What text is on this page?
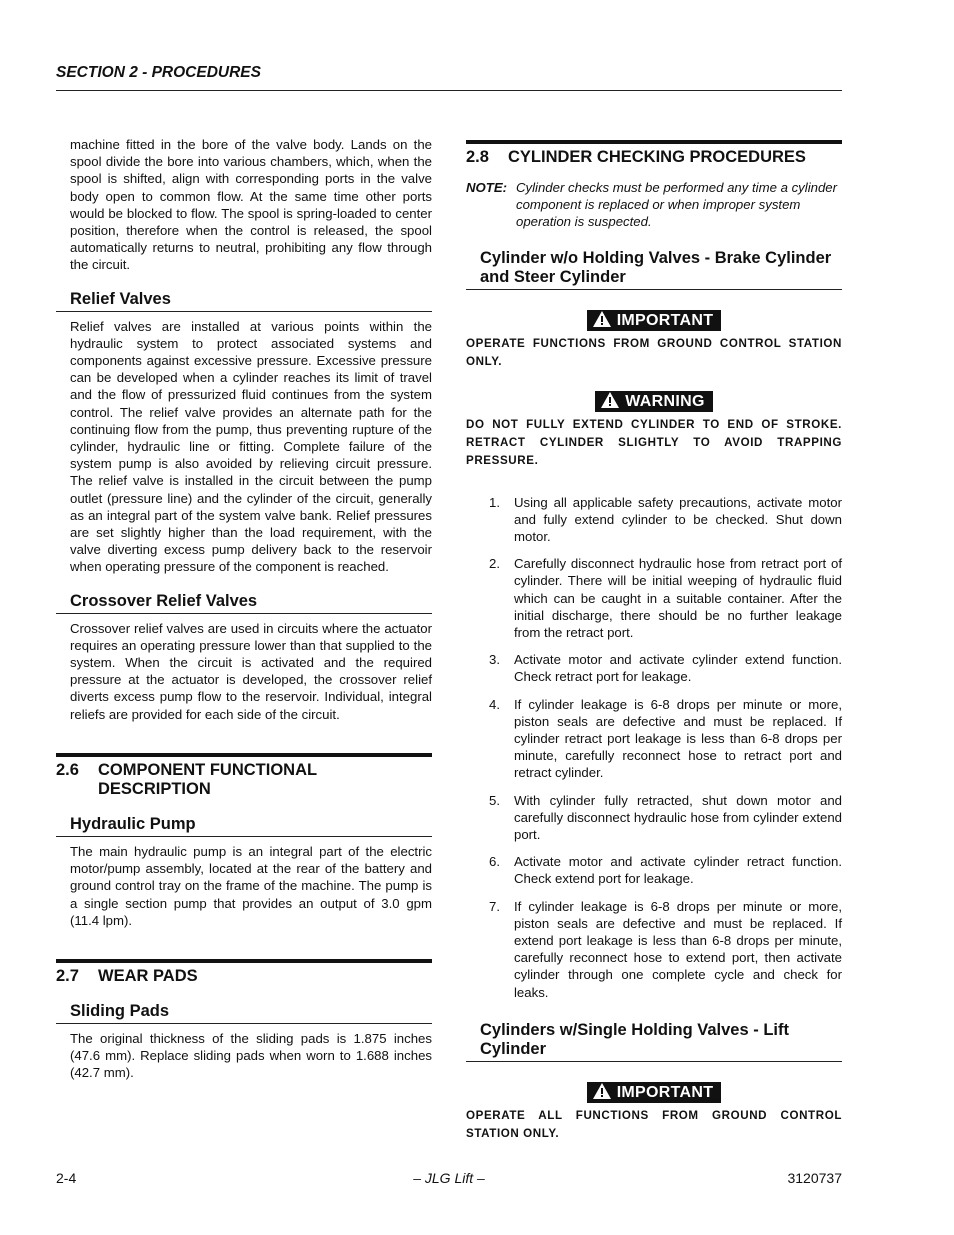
SECTION 2 - PROCEDURES

machine fitted in the bore of the valve body. Lands on the spool divide the bore into various chambers, which, when the spool is shifted, align with corresponding ports in the valve body open to common flow. At the same time other ports would be blocked to flow. The spool is spring-loaded to center position, therefore when the control is released, the spool automatically returns to neutral, prohibiting any flow through the circuit.

Relief Valves

Relief valves are installed at various points within the hydraulic system to protect associated systems and components against excessive pressure. Excessive pressure can be developed when a cylinder reaches its limit of travel and the flow of pressurized fluid continues from the system control. The relief valve provides an alternate path for the continuing flow from the pump, thus preventing rupture of the cylinder, hydraulic line or fitting. Complete failure of the system pump is also avoided by relieving circuit pressure. The relief valve is installed in the circuit between the pump outlet (pressure line) and the cylinder of the circuit, generally as an integral part of the system valve bank. Relief pressures are set slightly higher than the load requirement, with the valve diverting excess pump delivery back to the reservoir when operating pressure of the component is reached.

Crossover Relief Valves

Crossover relief valves are used in circuits where the actuator requires an operating pressure lower than that supplied to the system. When the circuit is activated and the required pressure at the actuator is developed, the crossover relief diverts excess pump flow to the reservoir. Individual, integral reliefs are provided for each side of the circuit.

2.6	COMPONENT FUNCTIONAL DESCRIPTION
Hydraulic Pump

The main hydraulic pump is an integral part of the electric motor/pump assembly, located at the rear of the battery and ground control tray on the frame of the machine. The pump is a single section pump that provides an output of 3.0 gpm (11.4 lpm).

2.7	WEAR PADS
Sliding Pads

The original thickness of the sliding pads is 1.875 inches (47.6 mm). Replace sliding pads when worn to 1.688 inches (42.7 mm).

2.8	CYLINDER CHECKING PROCEDURES
NOTE: Cylinder checks must be performed any time a cylinder component is replaced or when improper system operation is suspected.
Cylinder w/o Holding Valves - Brake Cylinder and Steer Cylinder
IMPORTANT

OPERATE FUNCTIONS FROM GROUND CONTROL STATION ONLY.

WARNING

DO NOT FULLY EXTEND CYLINDER TO END OF STROKE. RETRACT CYLINDER SLIGHTLY TO AVOID TRAPPING PRESSURE.

1.	Using all applicable safety precautions, activate motor and fully extend cylinder to be checked. Shut down motor.
2.	Carefully disconnect hydraulic hose from retract port of cylinder. There will be initial weeping of hydraulic fluid which can be caught in a suitable container. After the initial discharge, there should be no further leakage from the retract port.
3.	Activate motor and activate cylinder extend function. Check retract port for leakage.
4.	If cylinder leakage is 6-8 drops per minute or more, piston seals are defective and must be replaced. If cylinder retract port leakage is less than 6-8 drops per minute, carefully reconnect hose to retract port and retract cylinder.
5.	With cylinder fully retracted, shut down motor and carefully disconnect hydraulic hose from cylinder extend port.
6.	Activate motor and activate cylinder retract function. Check extend port for leakage.
7.	If cylinder leakage is 6-8 drops per minute or more, piston seals are defective and must be replaced. If extend port leakage is less than 6-8 drops per minute, carefully reconnect hose to extend port, then activate cylinder through one complete cycle and check for leaks.
Cylinders w/Single Holding Valves - Lift Cylinder
IMPORTANT

OPERATE ALL FUNCTIONS FROM GROUND CONTROL STATION ONLY.

2-4	– JLG Lift –	3120737
